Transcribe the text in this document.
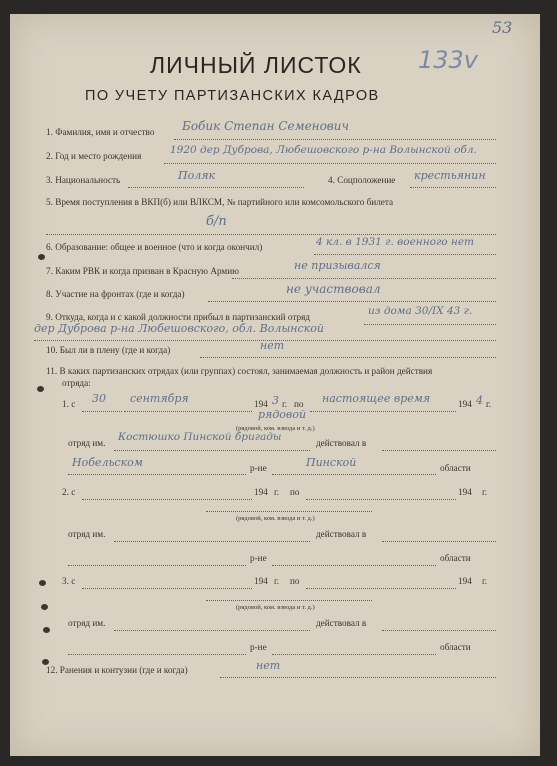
53
ЛИЧНЫЙ ЛИСТОК 133v
ПО УЧЕТУ ПАРТИЗАНСКИХ КАДРОВ
1. Фамилия, имя и отчество Бобик Степан Семенович
2. Год и место рождения	1920 дер Дуброва, Любешовского р-на Волынской обл.
3. Национальность	Поляк	4. Соцположение крестьянин
5. Время поступления в ВКП(б) или ВЛКСМ, № партийного или комсомольского билета
б/п
6. Образование: общее и военное (что и когда окончил)	4 кл. в 1931 г. военного нет
7. Каким РВК и когда призван в Красную Армию	не призывался
8. Участие на фронтах (где и когда)	не участвовал
9. Откуда, когда и с какой должности прибыл в партизанский отряд	из дома 30/IX 43 г.
дер Дуброва р-на Любешовского, обл. Волынской
10. Был ли в плену (где и когда)	нет
11. В каких партизанских отрядах (или группах) состоял, занимаемая должность и район действия
отряда:
1. с 30 сентября	194 3 г. по настоящее время	194 4 г.
рядовой
(рядовой, ком. взвода и т. д.)
отряд им. Костюшко Пинской бригады	действовал в
Нобельском	р-не	Пинской	области
2. с	194 г. по	194 г.
(рядовой, ком. взвода и т. д.)
отряд им.	действовал в
р-не	области
3. с	194 г. по	194 г.
(рядовой, ком. взвода и т. д.)
отряд им.	действовал в
р-не	области
12. Ранения и контузии (где и когда)	нет
